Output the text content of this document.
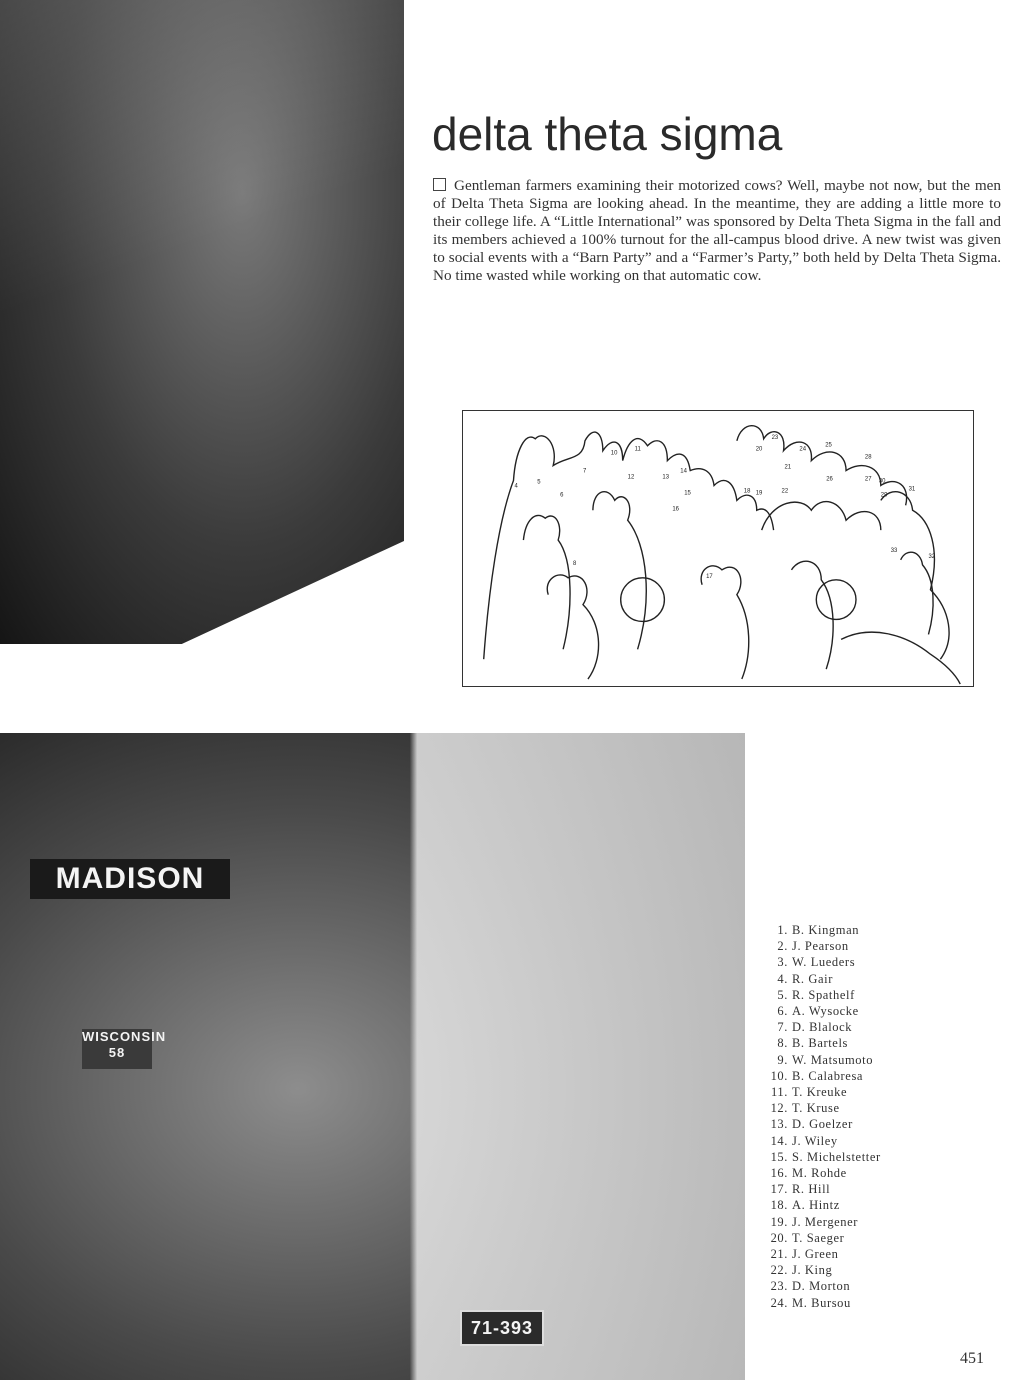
delta theta sigma

Gentleman farmers examining their motorized cows? Well, maybe not now, but the men of Delta Theta Sigma are looking ahead. In the meantime, they are adding a little more to their college life. A “Little International” was sponsored by Delta Theta Sigma in the fall and its members achieved a 100% turnout for the all-campus blood drive. A new twist was given to social events with a “Barn Party” and a “Farmer’s Party,” both held by Delta Theta Sigma. No time wasted while working on that automatic cow.

4
5
6
7
8
10
11
12	13
14
15
16
17
18 19
20
21
22
23
24
25
26	27
28
29
30
31
32
33
MADISON
WISCONSIN 58
71-393
1. B. Kingman
2. J. Pearson
3. W. Lueders
4. R. Gair
5. R. Spathelf
6. A. Wysocke
7. D. Blalock
8. B. Bartels
9. W. Matsumoto
10. B. Calabresa
11. T. Kreuke
12. T. Kruse
13. D. Goelzer
14. J. Wiley
15. S. Michelstetter
16. M. Rohde
17. R. Hill
18. A. Hintz
19. J. Mergener
20. T. Saeger
21. J. Green
22. J. King
23. D. Morton
24. M. Bursou
451
